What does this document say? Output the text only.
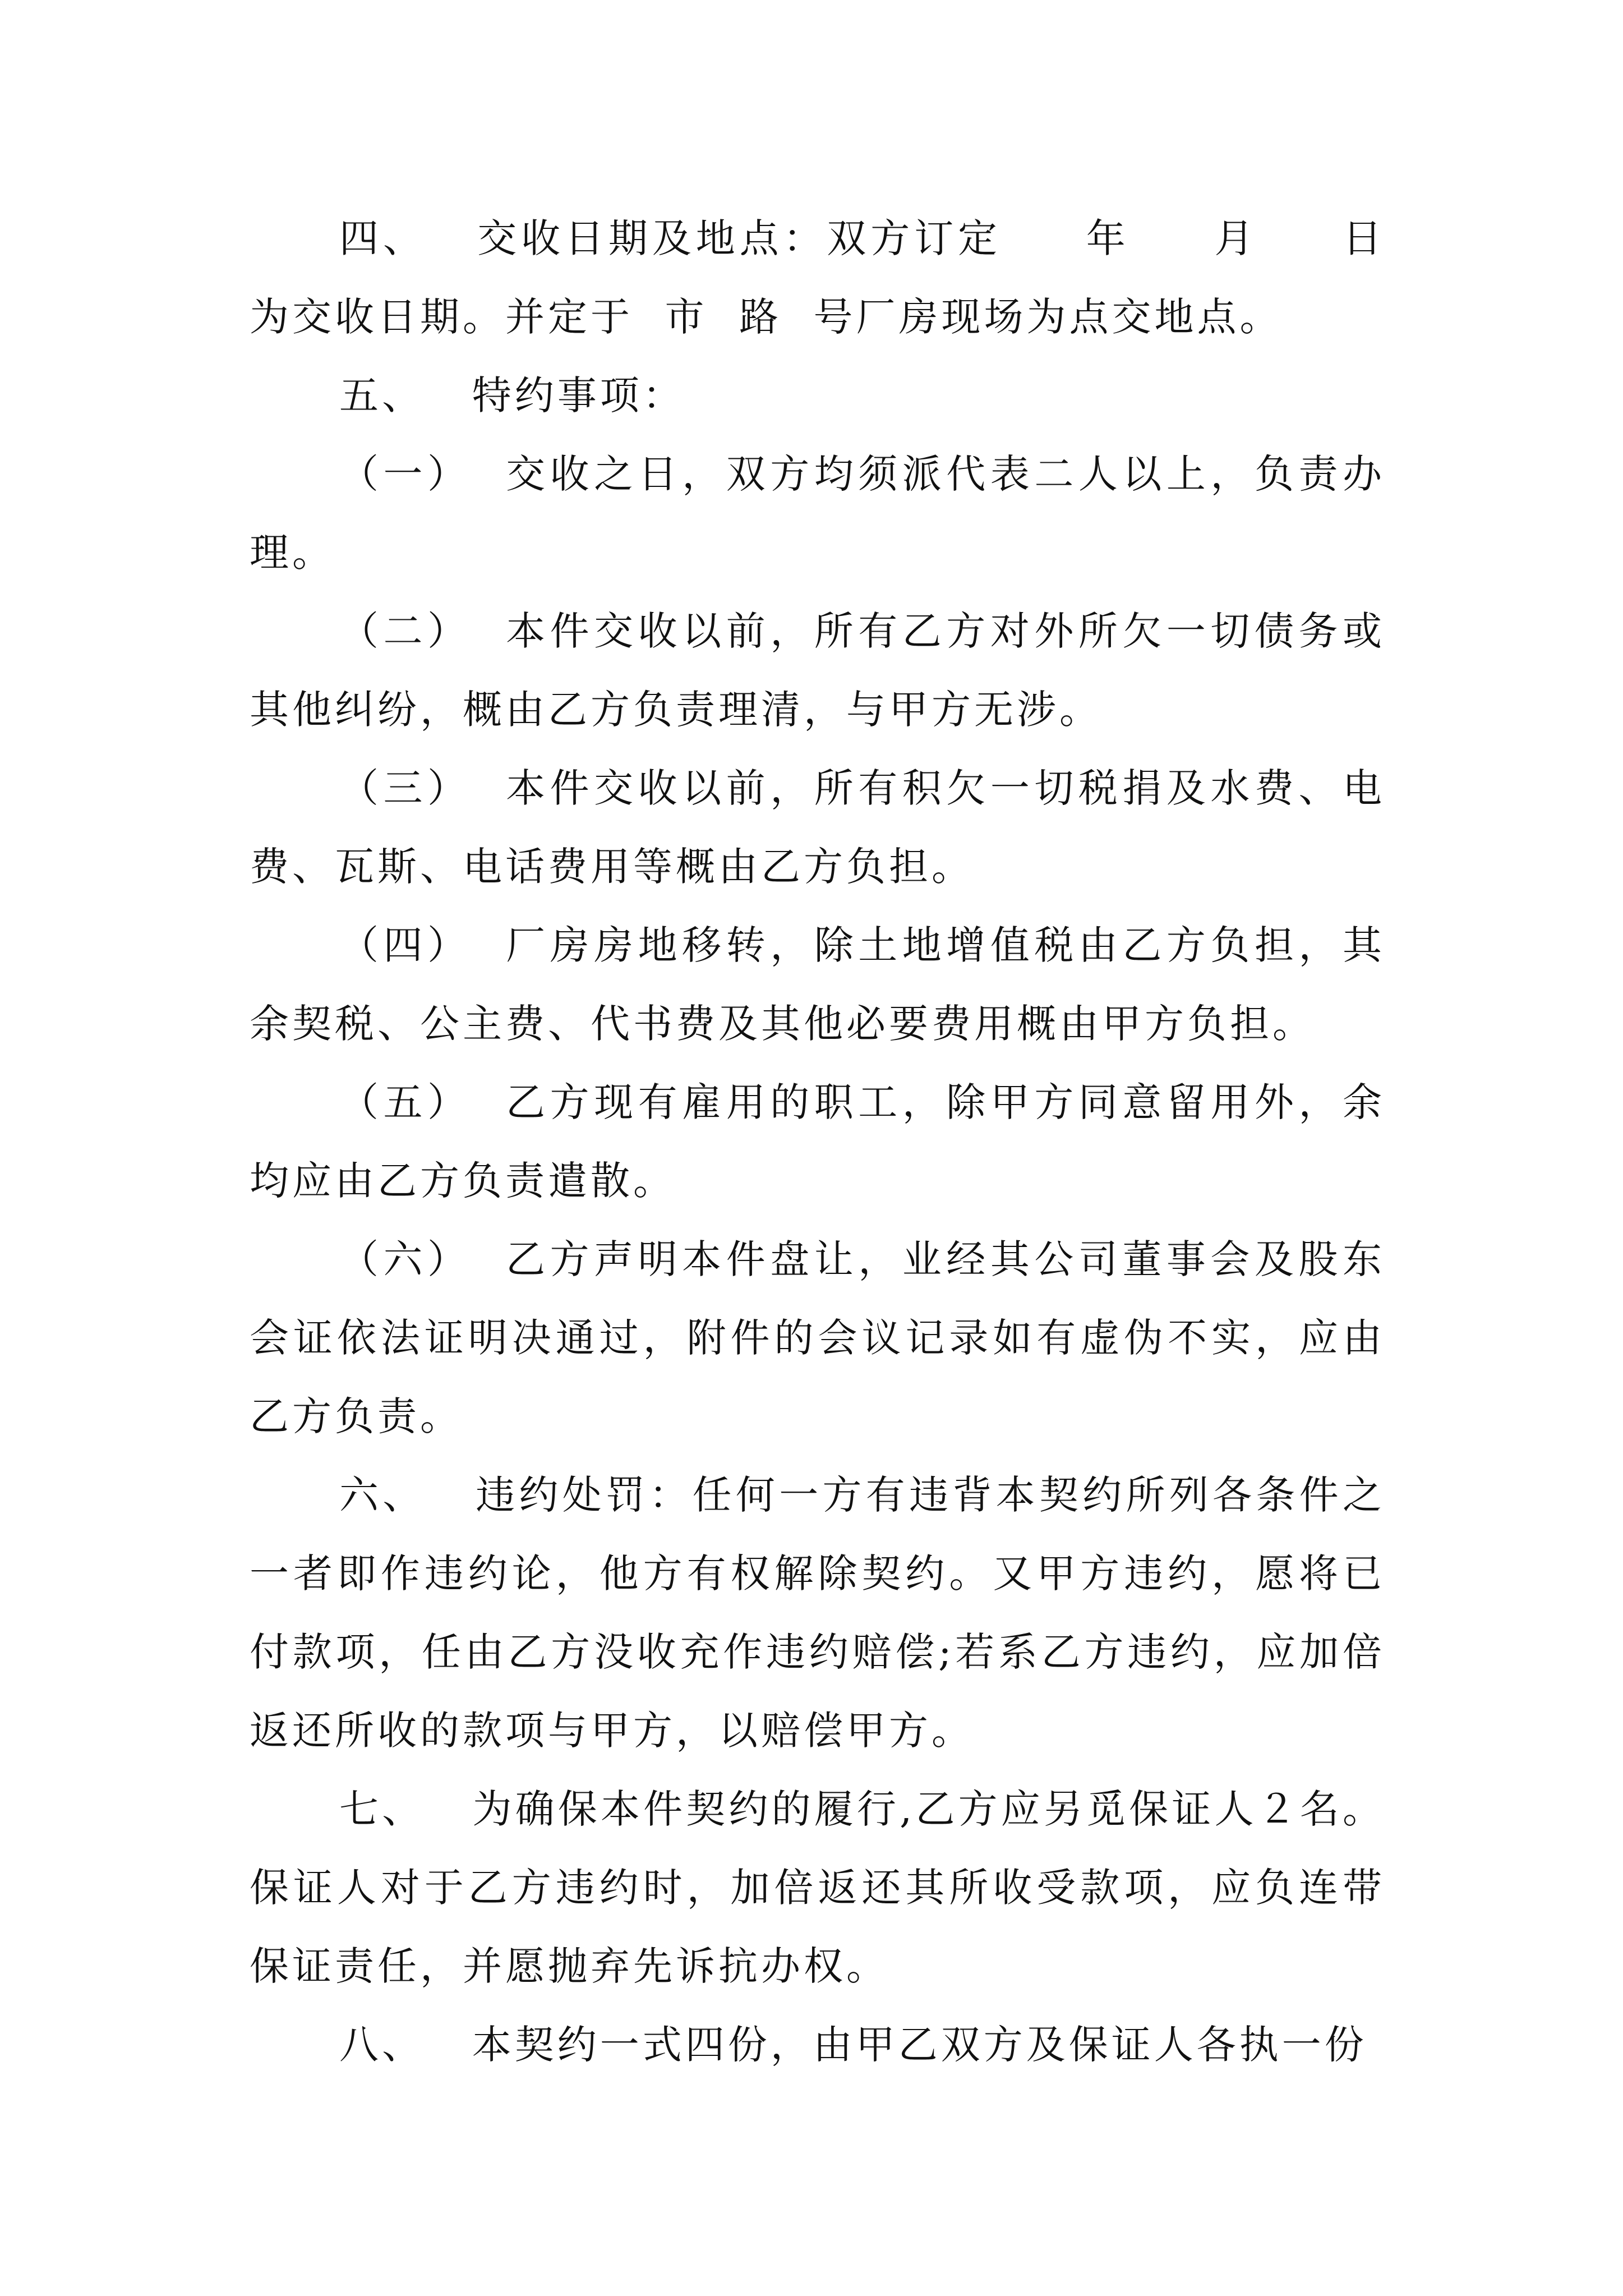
四、   交收日期及地点：双方订定     年     月     日为交收日期。并定于  市  路  号厂房现场为点交地点。

五、   特约事项：

（一）  交收之日，双方均须派代表二人以上，负责办理。

（二）  本件交收以前，所有乙方对外所欠一切债务或其他纠纷，概由乙方负责理清，与甲方无涉。

（三）  本件交收以前，所有积欠一切税捐及水费、电费、瓦斯、电话费用等概由乙方负担。

（四）  厂房房地移转，除土地增值税由乙方负担，其余契税、公主费、代书费及其他必要费用概由甲方负担。

（五）  乙方现有雇用的职工，除甲方同意留用外，余均应由乙方负责遣散。

（六）  乙方声明本件盘让，业经其公司董事会及股东会证依法证明决通过，附件的会议记录如有虚伪不实，应由乙方负责。

六、   违约处罚：任何一方有违背本契约所列各条件之一者即作违约论，他方有权解除契约。又甲方违约，愿将已付款项，任由乙方没收充作违约赔偿;若系乙方违约，应加倍返还所收的款项与甲方，以赔偿甲方。

七、   为确保本件契约的履行,乙方应另觅保证人２名。保证人对于乙方违约时，加倍返还其所收受款项，应负连带保证责任，并愿抛弃先诉抗办权。

八、   本契约一式四份，由甲乙双方及保证人各执一份
